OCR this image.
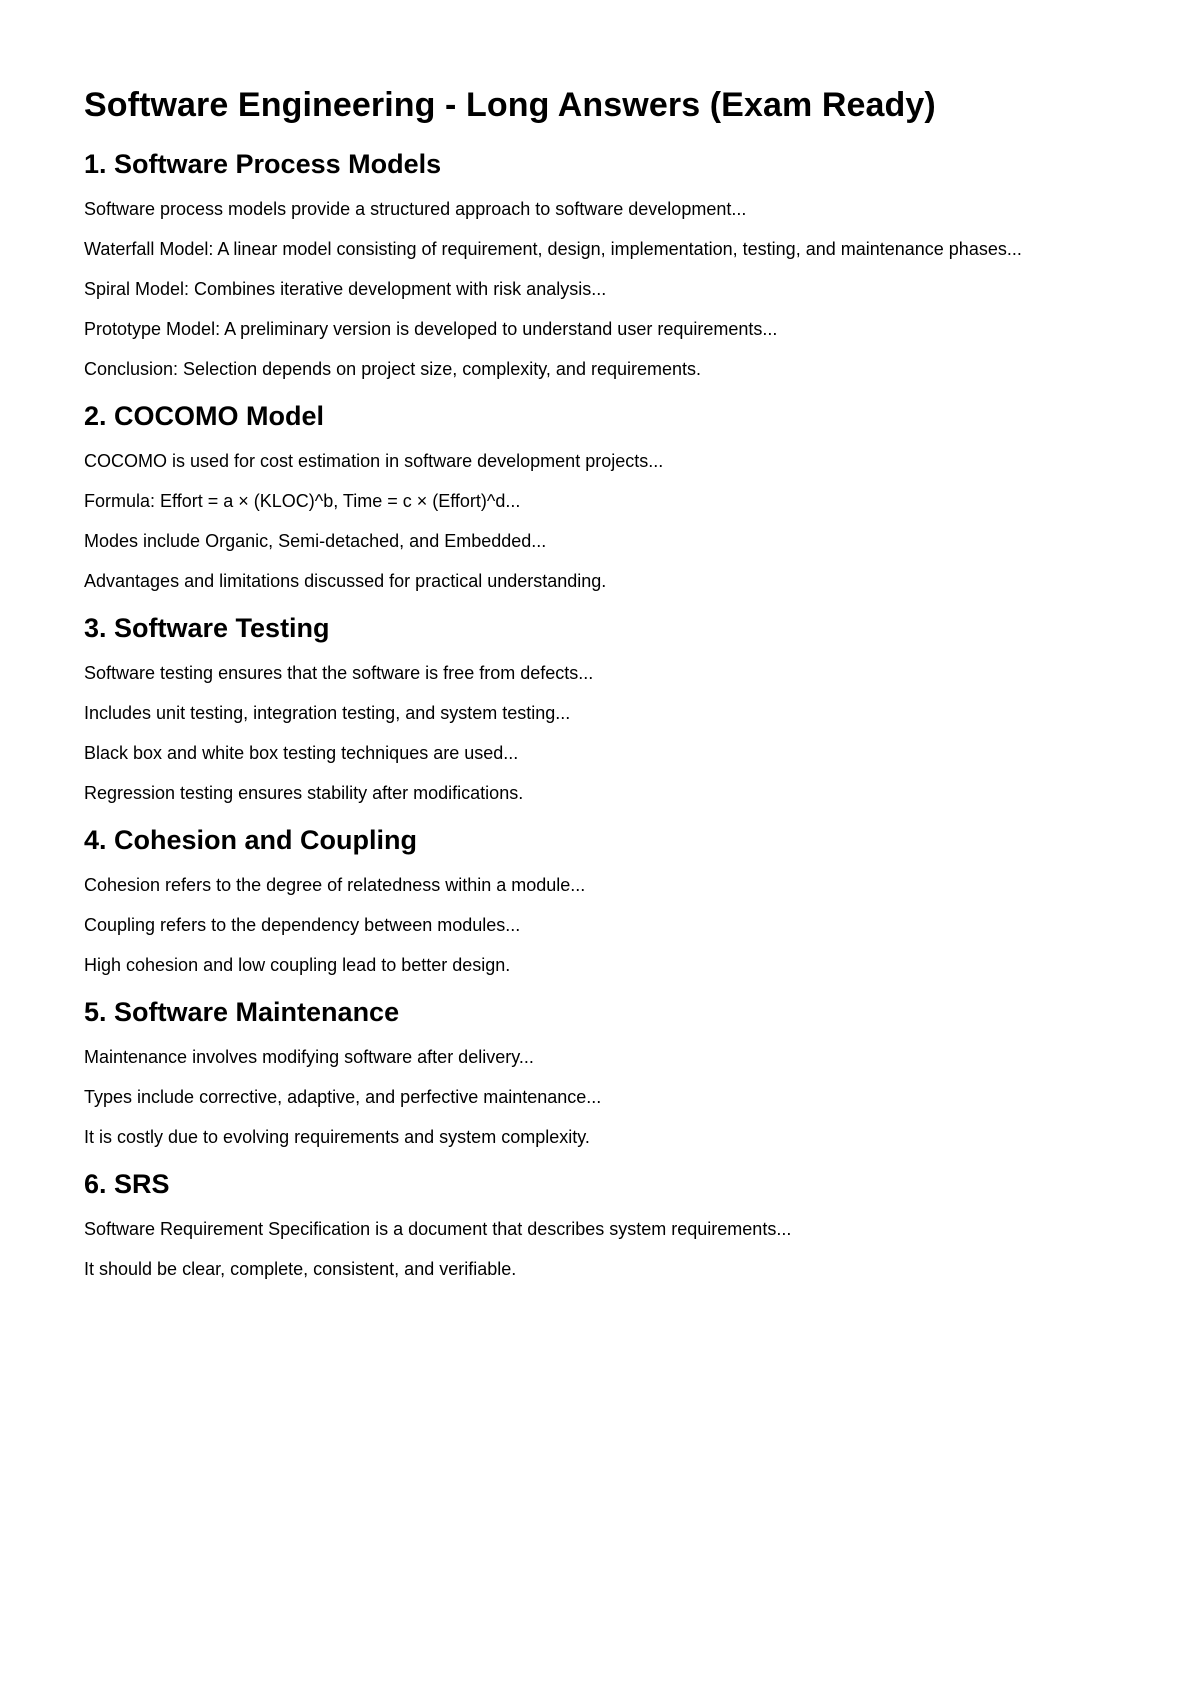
Software Engineering - Long Answers (Exam Ready)
1. Software Process Models

Software process models provide a structured approach to software development...

Waterfall Model: A linear model consisting of requirement, design, implementation, testing, and maintenance phases...

Spiral Model: Combines iterative development with risk analysis...

Prototype Model: A preliminary version is developed to understand user requirements...

Conclusion: Selection depends on project size, complexity, and requirements.

2. COCOMO Model

COCOMO is used for cost estimation in software development projects...

Formula: Effort = a × (KLOC)^b, Time = c × (Effort)^d...

Modes include Organic, Semi-detached, and Embedded...

Advantages and limitations discussed for practical understanding.

3. Software Testing

Software testing ensures that the software is free from defects...

Includes unit testing, integration testing, and system testing...

Black box and white box testing techniques are used...

Regression testing ensures stability after modifications.

4. Cohesion and Coupling

Cohesion refers to the degree of relatedness within a module...

Coupling refers to the dependency between modules...

High cohesion and low coupling lead to better design.

5. Software Maintenance

Maintenance involves modifying software after delivery...

Types include corrective, adaptive, and perfective maintenance...

It is costly due to evolving requirements and system complexity.

6. SRS

Software Requirement Specification is a document that describes system requirements...

It should be clear, complete, consistent, and verifiable.
